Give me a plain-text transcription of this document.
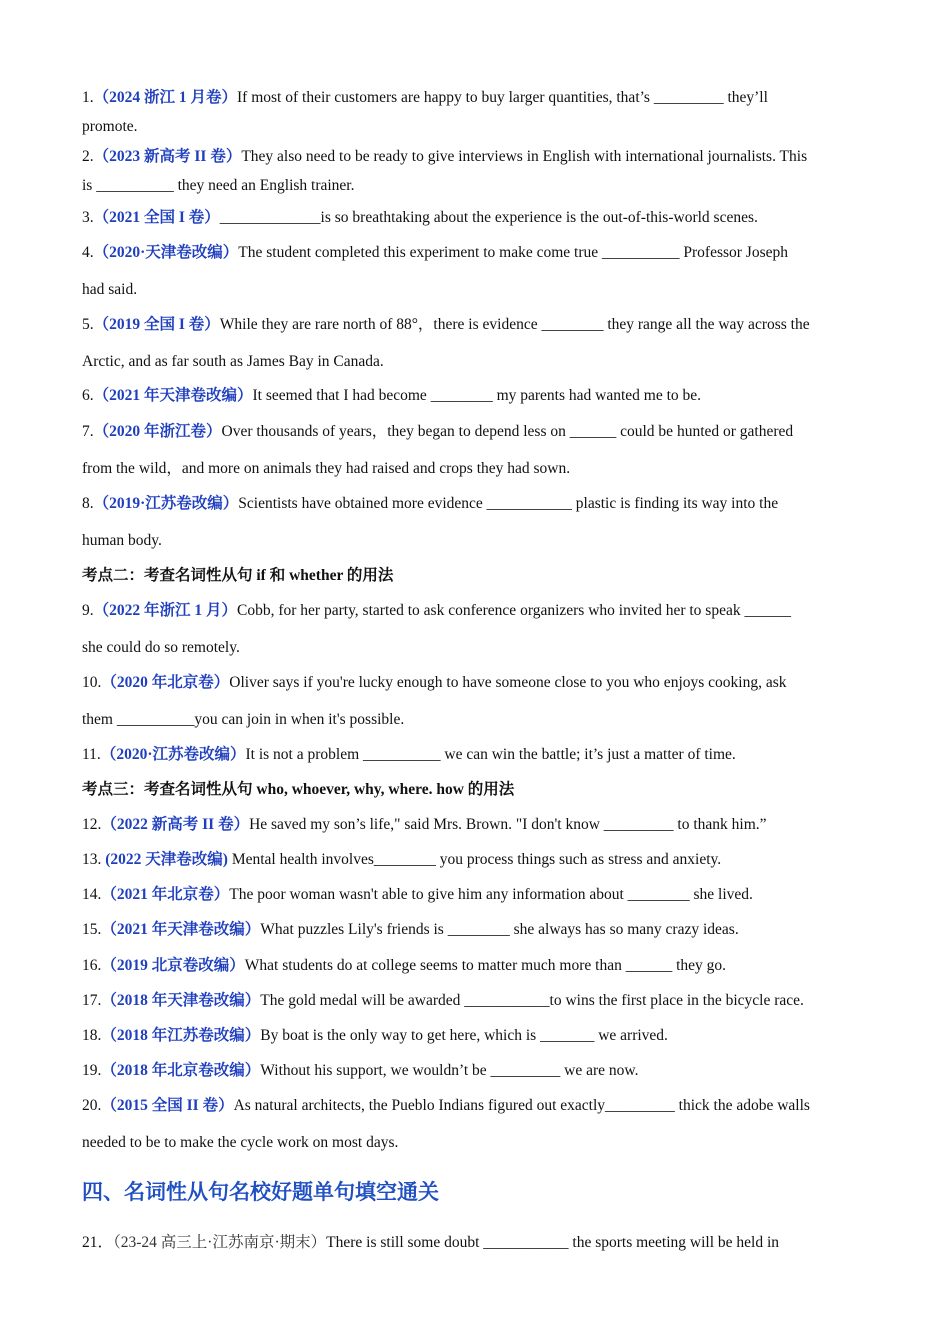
1.（2024 浙江 1 月卷）If most of their customers are happy to buy larger quantities, that’s _________ they’ll
promote.
2.（2023 新高考 II 卷）They also need to be ready to give interviews in English with international journalists. This
is __________ they need an English trainer.
3.（2021 全国 I 卷）_____________is so breathtaking about the experience is the out-of-this-world scenes.
4.（2020·天津卷改编）The student completed this experiment to make come true __________ Professor Joseph
had said.
5.（2019 全国 I 卷）While they are rare north of 88°，there is evidence ________ they range all the way across the
Arctic, and as far south as James Bay in Canada.
6.（2021 年天津卷改编）It seemed that I had become ________ my parents had wanted me to be.
7.（2020 年浙江卷）Over thousands of years，they began to depend less on ______ could be hunted or gathered
from the wild，and more on animals they had raised and crops they had sown.
8.（2019·江苏卷改编）Scientists have obtained more evidence ___________ plastic is finding its way into the
human body.
考点二：考查名词性从句 if 和 whether 的用法
9.（2022 年浙江 1 月）Cobb, for her party, started to ask conference organizers who invited her to speak ______
she could do so remotely.
10.（2020 年北京卷）Oliver says if you're lucky enough to have someone close to you who enjoys cooking, ask
them __________you can join in when it's possible.
11.（2020·江苏卷改编）It is not a problem __________ we can win the battle; it’s just a matter of time.
考点三：考查名词性从句 who, whoever, why, where. how 的用法
12.（2022 新高考 II 卷）He saved my son’s life," said Mrs. Brown. "I don't know _________ to thank him.”
13. (2022 天津卷改编) Mental health involves________ you process things such as stress and anxiety.
14.（2021 年北京卷）The poor woman wasn't able to give him any information about ________ she lived.
15.（2021 年天津卷改编）What puzzles Lily's friends is ________ she always has so many crazy ideas.
16.（2019 北京卷改编）What students do at college seems to matter much more than ______ they go.
17.（2018 年天津卷改编）The gold medal will be awarded ___________to wins the first place in the bicycle race.
18.（2018 年江苏卷改编）By boat is the only way to get here, which is _______ we arrived.
19.（2018 年北京卷改编）Without his support, we wouldn’t be _________ we are now.
20.（2015 全国 II 卷）As natural architects, the Pueblo Indians figured out exactly_________ thick the adobe walls
needed to be to make the cycle work on most days.
四、名词性从句名校好题单句填空通关
21．（23-24 高三上·江苏南京·期末）There is still some doubt ___________ the sports meeting will be held in
